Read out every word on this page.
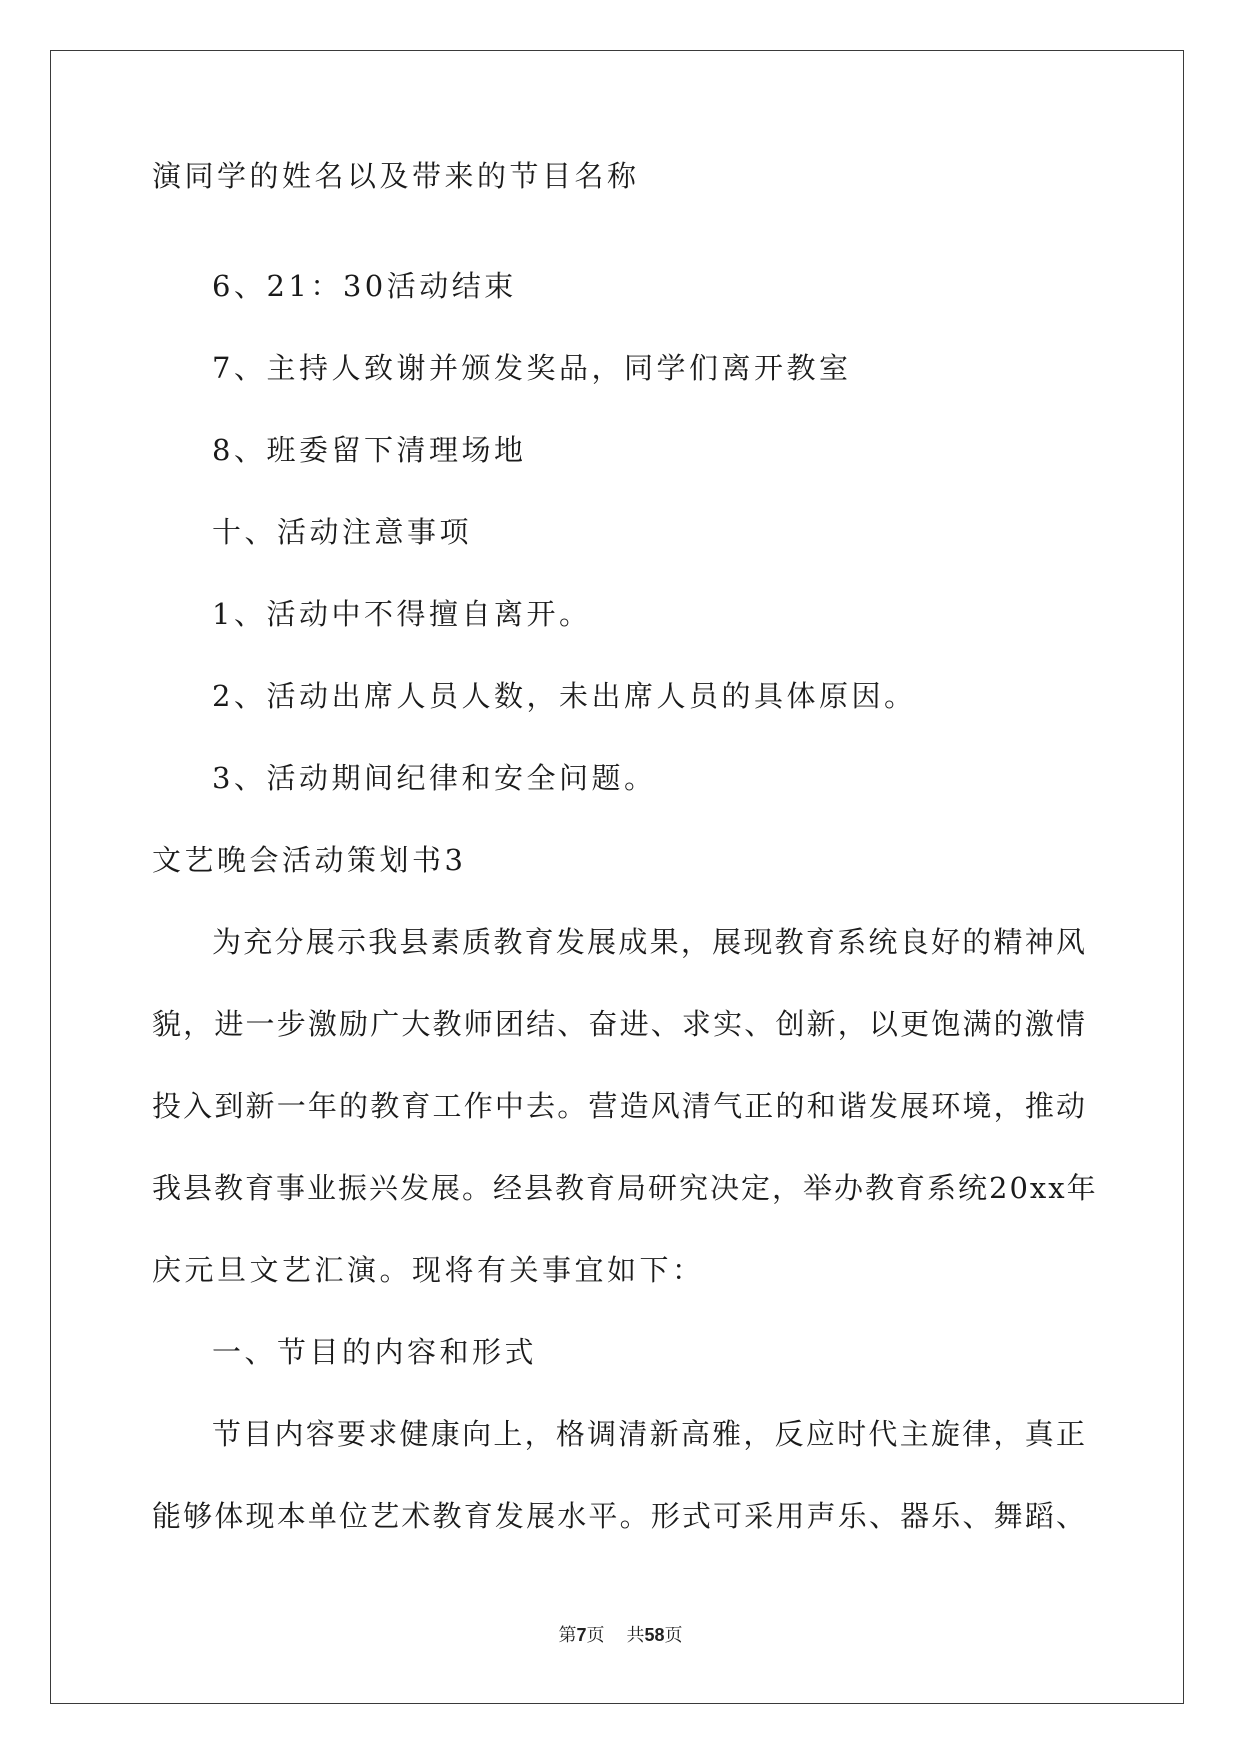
演同学的姓名以及带来的节目名称

6、21：30活动结束

7、主持人致谢并颁发奖品，同学们离开教室

8、班委留下清理场地

十、活动注意事项

1、活动中不得擅自离开。

2、活动出席人员人数，未出席人员的具体原因。

3、活动期间纪律和安全问题。

文艺晚会活动策划书3

为充分展示我县素质教育发展成果，展现教育系统良好的精神风

貌，进一步激励广大教师团结、奋进、求实、创新，以更饱满的激情

投入到新一年的教育工作中去。营造风清气正的和谐发展环境，推动

我县教育事业振兴发展。经县教育局研究决定，举办教育系统20xx年

庆元旦文艺汇演。现将有关事宜如下：

一、节目的内容和形式

节目内容要求健康向上，格调清新高雅，反应时代主旋律，真正

能够体现本单位艺术教育发展水平。形式可采用声乐、器乐、舞蹈、

第7页 共58页
